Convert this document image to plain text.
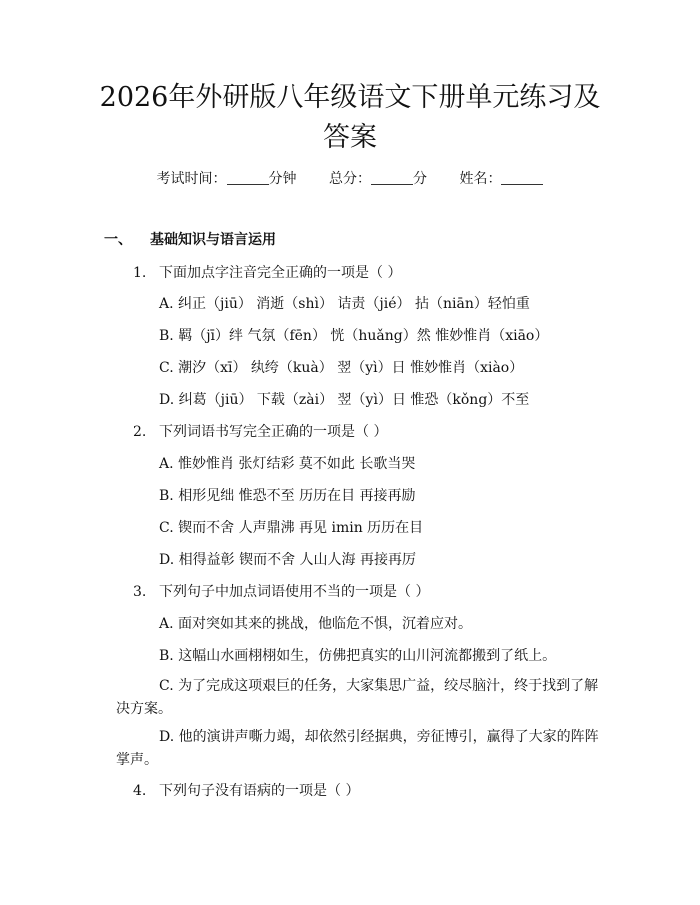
2026年外研版八年级语文下册单元练习及答案
考试时间：	分钟 总分：	分 姓名：
一、 基础知识与语言运用
1. 下面加点字注音完全正确的一项是（ ）
A. 纠正（jiū） 消逝（shì） 诘责（jié） 拈（niān）轻怕重
B. 羁（jī）绊 气氛（fēn） 恍（huǎng）然 惟妙惟肖（xiāo）
C. 潮汐（xī） 纨绔（kuà） 翌（yì）日 惟妙惟肖（xiào）
D. 纠葛（jiū） 下载（zài） 翌（yì）日 惟恐（kǒng）不至
2. 下列词语书写完全正确的一项是（ ）
A. 惟妙惟肖 张灯结彩 莫不如此 长歌当哭
B. 相形见绌 惟恐不至 历历在目 再接再励
C. 锲而不舍 人声鼎沸 再见 imin 历历在目
D. 相得益彰 锲而不舍 人山人海 再接再厉
3. 下列句子中加点词语使用不当的一项是（ ）
A. 面对突如其来的挑战，他临危不惧，沉着应对。
B. 这幅山水画栩栩如生，仿佛把真实的山川河流都搬到了纸上。
C. 为了完成这项艰巨的任务，大家集思广益，绞尽脑汁，终于找到了解决方案。
D. 他的演讲声嘶力竭，却依然引经据典，旁征博引，赢得了大家的阵阵掌声。
4. 下列句子没有语病的一项是（ ）
